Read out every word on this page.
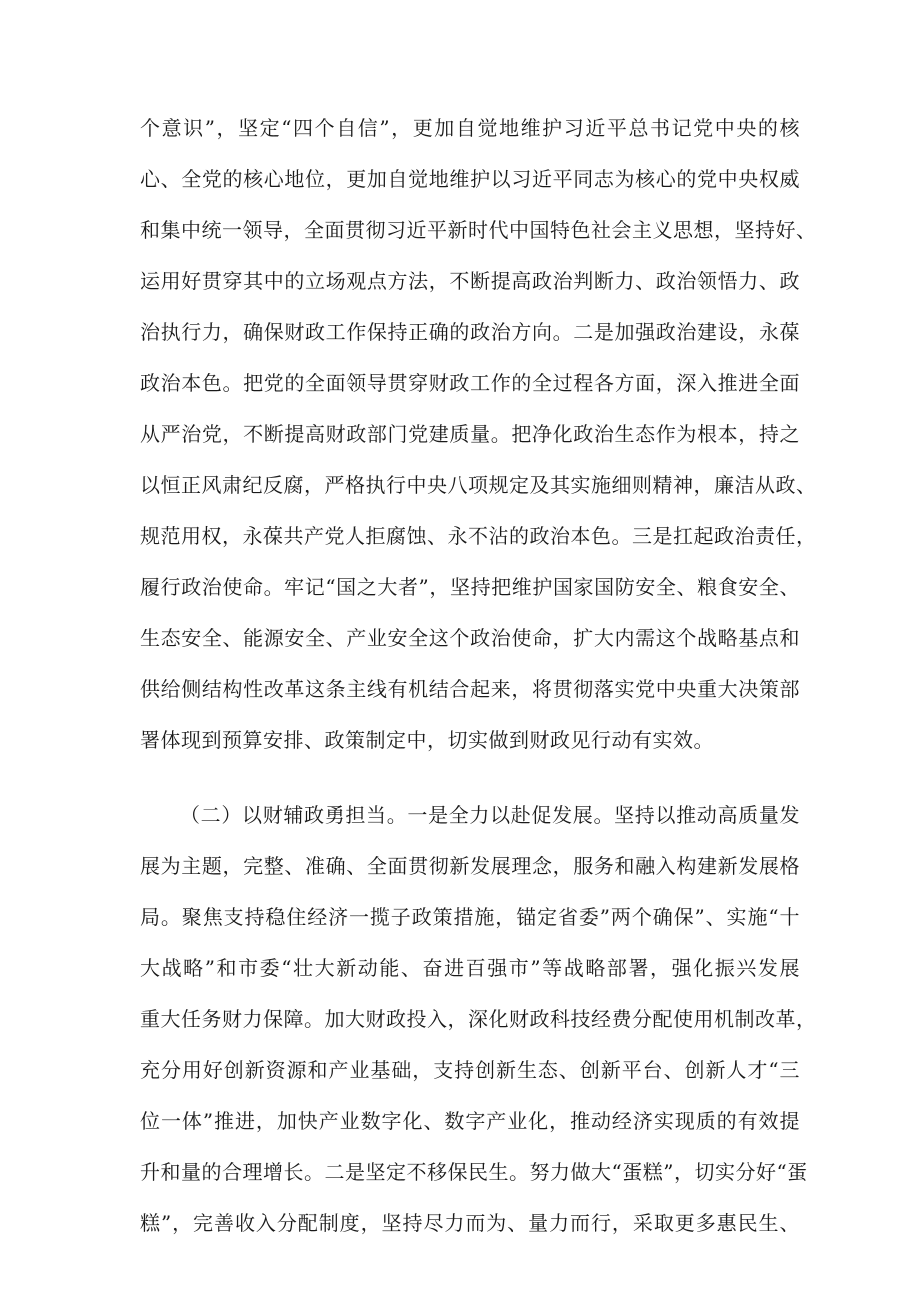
个意识”，坚定“四个自信”，更加自觉地维护习近平总书记党中央的核
心、全党的核心地位，更加自觉地维护以习近平同志为核心的党中央权威
和集中统一领导，全面贯彻习近平新时代中国特色社会主义思想，坚持好、
运用好贯穿其中的立场观点方法，不断提高政治判断力、政治领悟力、政
治执行力，确保财政工作保持正确的政治方向。二是加强政治建设，永葆
政治本色。把党的全面领导贯穿财政工作的全过程各方面，深入推进全面
从严治党，不断提高财政部门党建质量。把净化政治生态作为根本，持之
以恒正风肃纪反腐，严格执行中央八项规定及其实施细则精神，廉洁从政、
规范用权，永葆共产党人拒腐蚀、永不沾的政治本色。三是扛起政治责任，
履行政治使命。牢记“国之大者”，坚持把维护国家国防安全、粮食安全、
生态安全、能源安全、产业安全这个政治使命，扩大内需这个战略基点和
供给侧结构性改革这条主线有机结合起来，将贯彻落实党中央重大决策部
署体现到预算安排、政策制定中，切实做到财政见行动有实效。
（二）以财辅政勇担当。一是全力以赴促发展。坚持以推动高质量发
展为主题，完整、准确、全面贯彻新发展理念，服务和融入构建新发展格
局。聚焦支持稳住经济一揽子政策措施，锚定省委”两个确保”、实施“十
大战略”和市委“壮大新动能、奋进百强市”等战略部署，强化振兴发展
重大任务财力保障。加大财政投入，深化财政科技经费分配使用机制改革，
充分用好创新资源和产业基础，支持创新生态、创新平台、创新人才“三
位一体”推进，加快产业数字化、数字产业化，推动经济实现质的有效提
升和量的合理增长。二是坚定不移保民生。努力做大“蛋糕”，切实分好“蛋
糕”，完善收入分配制度，坚持尽力而为、量力而行，采取更多惠民生、
